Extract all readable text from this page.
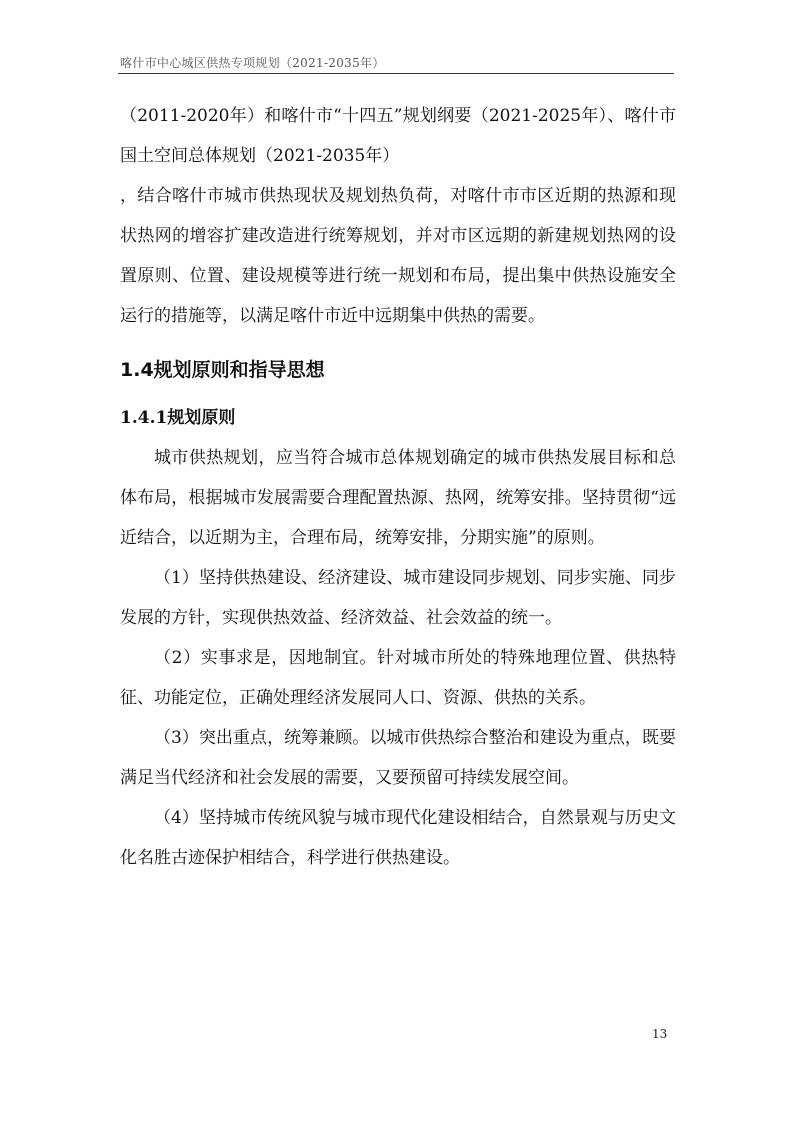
喀什市中心城区供热专项规划（2021-2035年）

（2011-2020年）和喀什市“十四五”规划纲要（2021-2025年）、喀什市国土空间总体规划（2021-2035年）

，结合喀什市城市供热现状及规划热负荷，对喀什市市区近期的热源和现状热网的增容扩建改造进行统筹规划，并对市区远期的新建规划热网的设置原则、位置、建设规模等进行统一规划和布局，提出集中供热设施安全运行的措施等，以满足喀什市近中远期集中供热的需要。

1.4规划原则和指导思想
1.4.1规划原则

城市供热规划，应当符合城市总体规划确定的城市供热发展目标和总体布局，根据城市发展需要合理配置热源、热网，统筹安排。坚持贯彻“远近结合，以近期为主，合理布局，统筹安排，分期实施”的原则。

（1）坚持供热建设、经济建设、城市建设同步规划、同步实施、同步发展的方针，实现供热效益、经济效益、社会效益的统一。

（2）实事求是，因地制宜。针对城市所处的特殊地理位置、供热特征、功能定位，正确处理经济发展同人口、资源、供热的关系。

（3）突出重点，统筹兼顾。以城市供热综合整治和建设为重点，既要满足当代经济和社会发展的需要，又要预留可持续发展空间。

（4）坚持城市传统风貌与城市现代化建设相结合，自然景观与历史文化名胜古迹保护相结合，科学进行供热建设。

13
